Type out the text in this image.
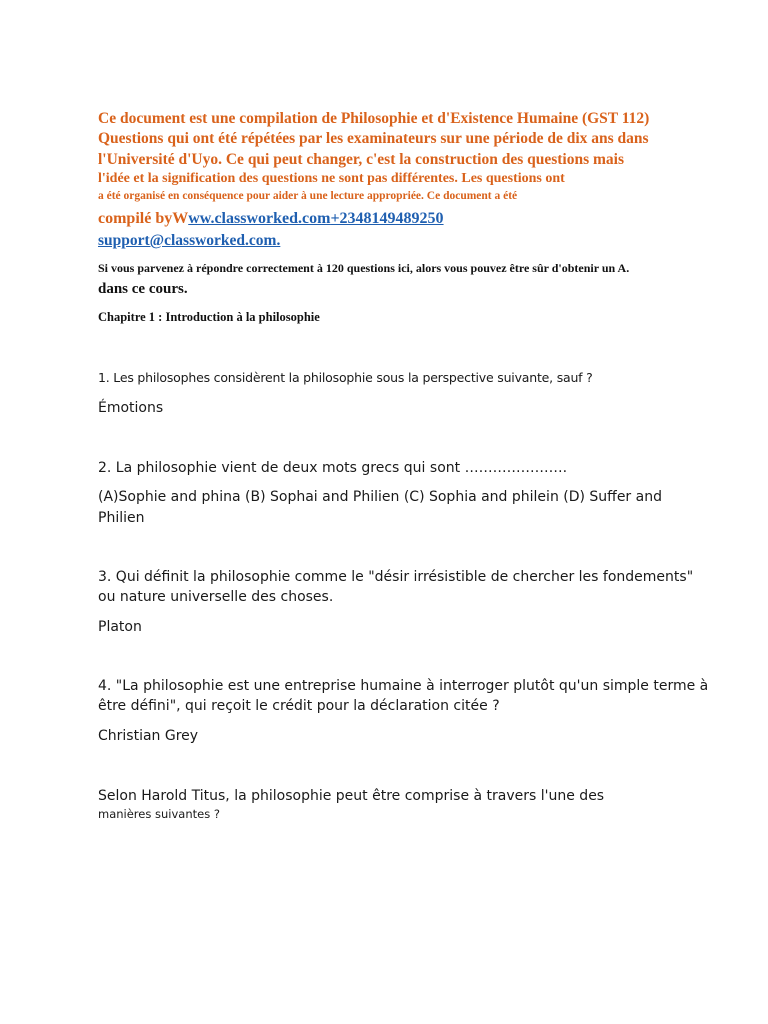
Ce document est une compilation de Philosophie et d'Existence Humaine (GST 112)

Questions qui ont été répétées par les examinateurs sur une période de dix ans dans

l'Université d'Uyo. Ce qui peut changer, c'est la construction des questions mais

l'idée et la signification des questions ne sont pas différentes. Les questions ont

a été organisé en conséquence pour aider à une lecture appropriée. Ce document a été

compilé byWww.classworked.com+2348149489250

support@classworked.com.

Si vous parvenez à répondre correctement à 120 questions ici, alors vous pouvez être sûr d'obtenir un A.

dans ce cours.

Chapitre 1 : Introduction à la philosophie

1. Les philosophes considèrent la philosophie sous la perspective suivante, sauf ?

Émotions

2. La philosophie vient de deux mots grecs qui sont ………………….

(A)Sophie and phina (B) Sophai and Philien (C) Sophia and philein (D) Suffer and

Philien

3. Qui définit la philosophie comme le "désir irrésistible de chercher les fondements"

ou nature universelle des choses.

Platon

4. "La philosophie est une entreprise humaine à interroger plutôt qu'un simple terme à

être défini", qui reçoit le crédit pour la déclaration citée ?

Christian Grey

Selon Harold Titus, la philosophie peut être comprise à travers l'une des

manières suivantes ?
